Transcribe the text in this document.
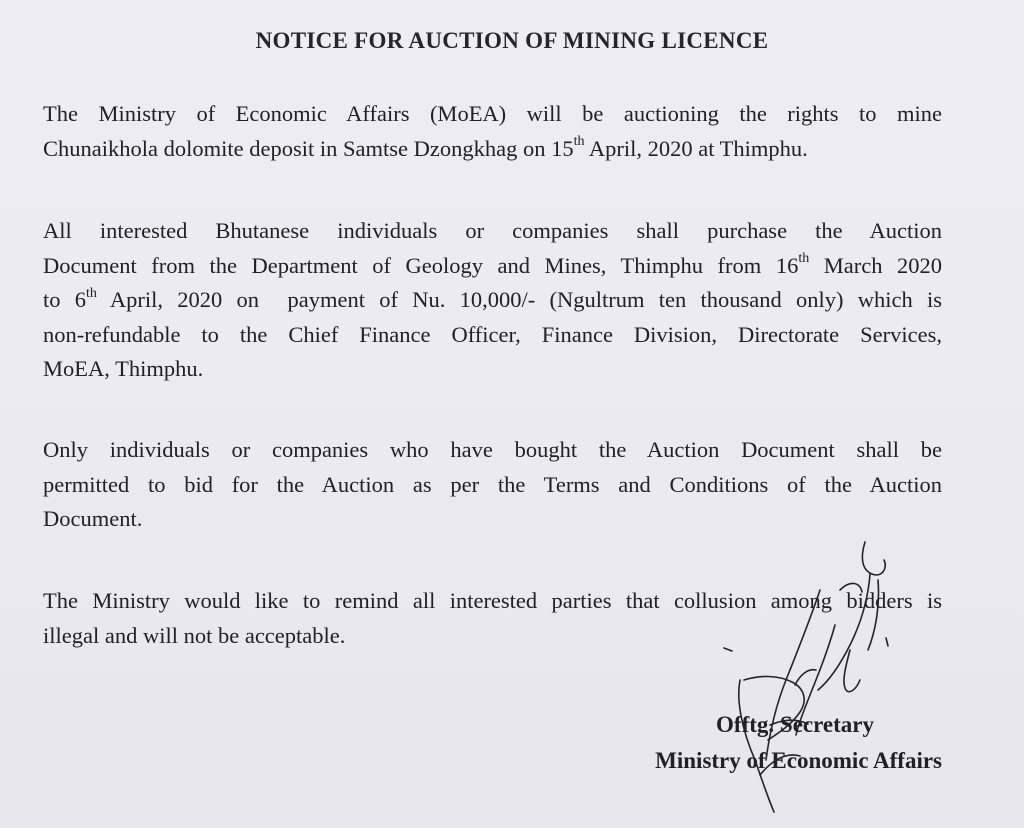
NOTICE FOR AUCTION OF MINING LICENCE
The Ministry of Economic Affairs (MoEA) will be auctioning the rights to mine
Chunaikhola dolomite deposit in Samtse Dzongkhag on 15th April, 2020 at Thimphu.
All interested Bhutanese individuals or companies shall purchase the Auction
Document from the Department of Geology and Mines, Thimphu from 16th March 2020
to 6th April, 2020 on  payment of Nu. 10,000/- (Ngultrum ten thousand only) which is
non-refundable to the Chief Finance Officer, Finance Division, Directorate Services,
MoEA, Thimphu.
Only individuals or companies who have bought the Auction Document shall be
permitted to bid for the Auction as per the Terms and Conditions of the Auction
Document.
The Ministry would like to remind all interested parties that collusion among bidders is
illegal and will not be acceptable.
Offtg. Secretary
Ministry of Economic Affairs
